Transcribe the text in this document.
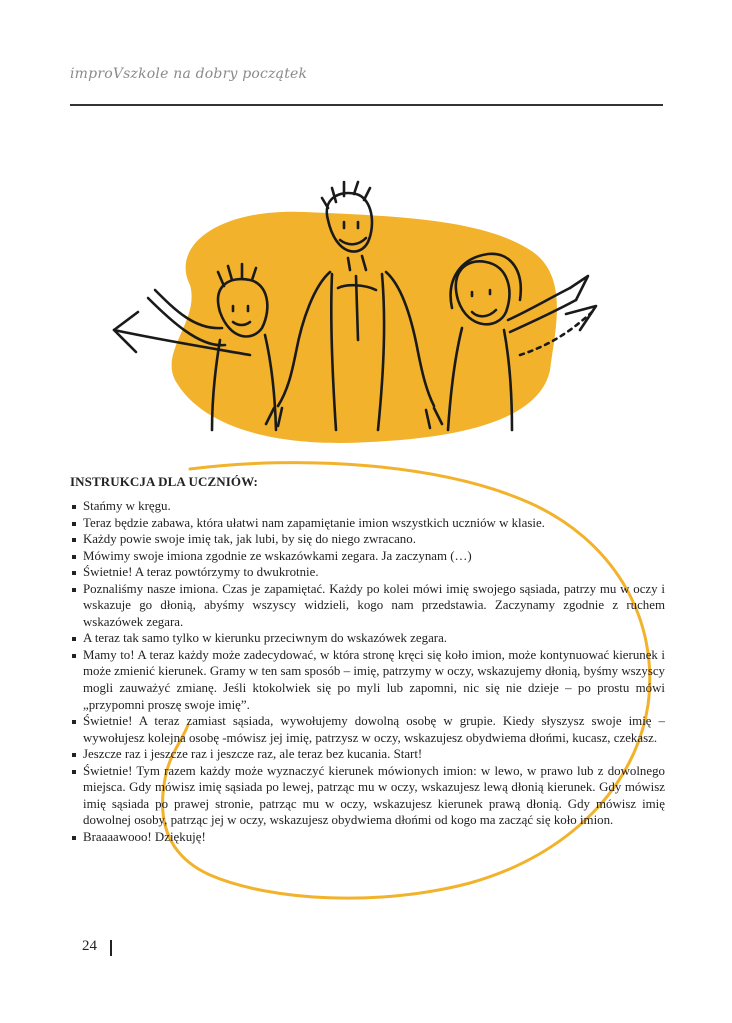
improVszkole na dobry początek
INSTRUKCJA DLA UCZNIÓW:
Stańmy w kręgu.
Teraz będzie zabawa, która ułatwi nam zapamiętanie imion wszystkich uczniów w klasie.
Każdy powie swoje imię tak, jak lubi, by się do niego zwracano.
Mówimy swoje imiona zgodnie ze wskazówkami zegara. Ja zaczynam (…)
Świetnie! A teraz powtórzymy to dwukrotnie.
Poznaliśmy nasze imiona. Czas je zapamiętać. Każdy po kolei mówi imię swojego sąsiada, patrzy mu w oczy i wskazuje go dłonią, abyśmy wszyscy widzieli, kogo nam przedstawia. Zaczynamy zgodnie z ruchem wskazówek zegara.
A teraz tak samo tylko w kierunku przeciwnym do wskazówek zegara.
Mamy to! A teraz każdy może zadecydować, w która stronę kręci się koło imion, może kontynuować kierunek i może zmienić kierunek. Gramy w ten sam sposób – imię, patrzymy w oczy, wskazujemy dłonią, byśmy wszyscy mogli zauważyć zmianę. Jeśli ktokolwiek się po myli lub zapomni, nic się nie dzieje – po prostu mówi „przypomni proszę swoje imię”.
Świetnie! A teraz zamiast sąsiada, wywołujemy dowolną osobę w grupie. Kiedy słyszysz swoje imię – wywołujesz kolejna osobę -mówisz jej imię, patrzysz w oczy, wskazujesz obydwiema dłońmi, kucasz, czekasz.
Jeszcze raz i jeszcze raz i jeszcze raz, ale teraz bez kucania. Start!
Świetnie! Tym razem każdy może wyznaczyć kierunek mówionych imion: w lewo, w prawo lub z dowolnego miejsca. Gdy mówisz imię sąsiada po lewej, patrząc mu w oczy, wskazujesz lewą dłonią kierunek. Gdy mówisz imię sąsiada po prawej stronie, patrząc mu w oczy, wskazujesz kierunek prawą dłonią. Gdy mówisz imię dowolnej osoby, patrząc jej w oczy, wskazujesz obydwiema dłońmi od kogo ma zacząć się koło imion.
Braaaawooo! Dziękuję!
24
